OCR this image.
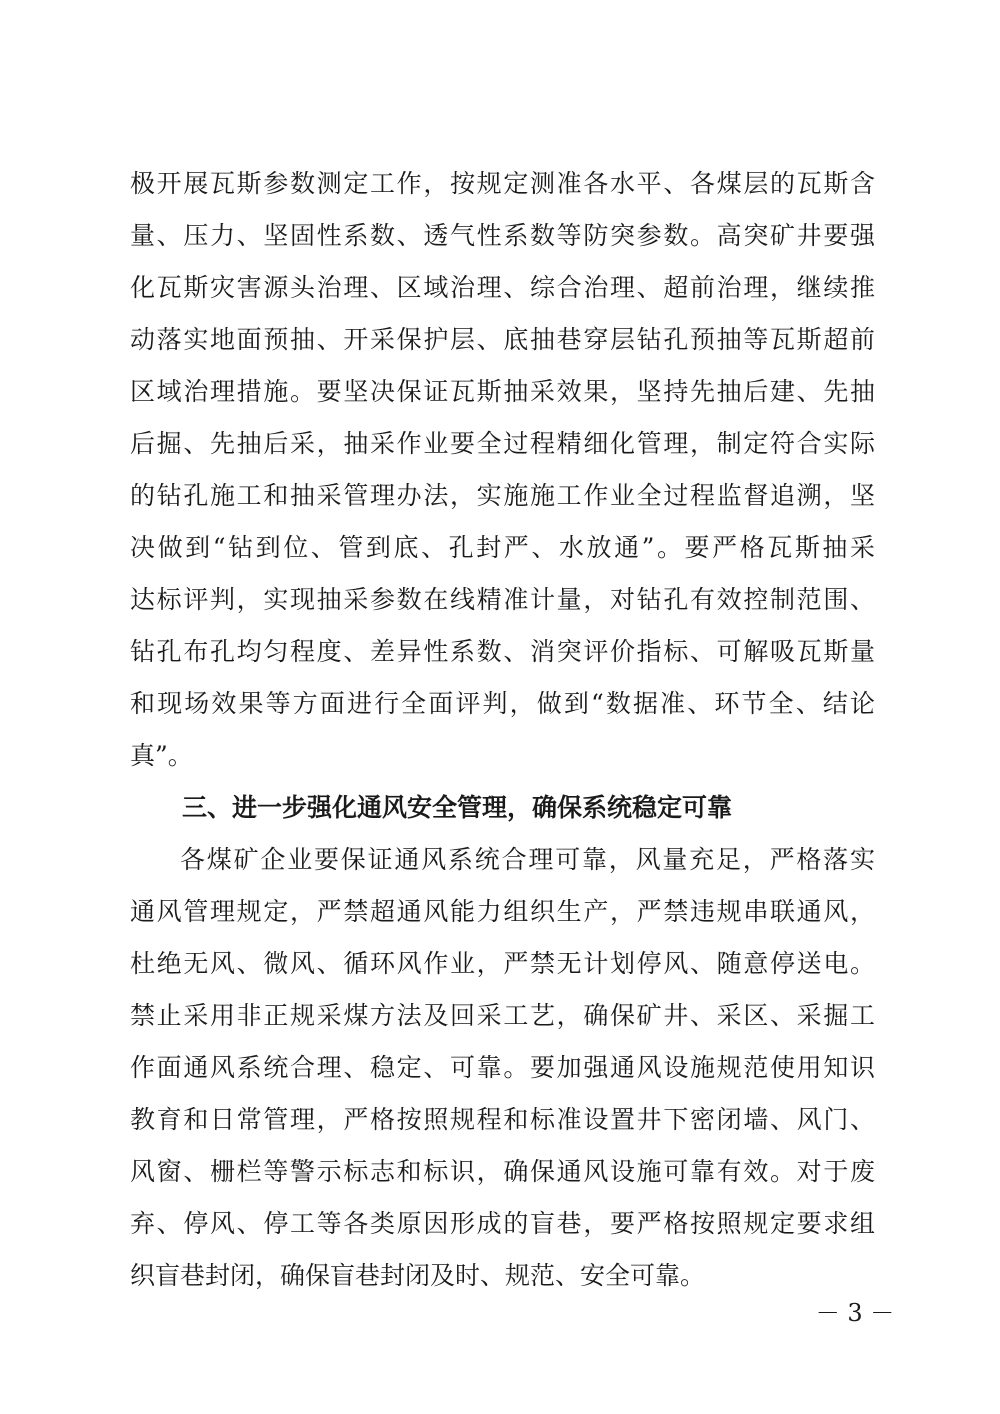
极开展瓦斯参数测定工作，按规定测准各水平、各煤层的瓦斯含
量、压力、坚固性系数、透气性系数等防突参数。高突矿井要强
化瓦斯灾害源头治理、区域治理、综合治理、超前治理，继续推
动落实地面预抽、开采保护层、底抽巷穿层钻孔预抽等瓦斯超前
区域治理措施。要坚决保证瓦斯抽采效果，坚持先抽后建、先抽
后掘、先抽后采，抽采作业要全过程精细化管理，制定符合实际
的钻孔施工和抽采管理办法，实施施工作业全过程监督追溯，坚
决做到“钻到位、管到底、孔封严、水放通”。要严格瓦斯抽采
达标评判，实现抽采参数在线精准计量，对钻孔有效控制范围、
钻孔布孔均匀程度、差异性系数、消突评价指标、可解吸瓦斯量
和现场效果等方面进行全面评判，做到“数据准、环节全、结论
真”。
三、进一步强化通风安全管理，确保系统稳定可靠
各煤矿企业要保证通风系统合理可靠，风量充足，严格落实
通风管理规定，严禁超通风能力组织生产，严禁违规串联通风，
杜绝无风、微风、循环风作业，严禁无计划停风、随意停送电。
禁止采用非正规采煤方法及回采工艺，确保矿井、采区、采掘工
作面通风系统合理、稳定、可靠。要加强通风设施规范使用知识
教育和日常管理，严格按照规程和标准设置井下密闭墙、风门、
风窗、栅栏等警示标志和标识，确保通风设施可靠有效。对于废
弃、停风、停工等各类原因形成的盲巷，要严格按照规定要求组
织盲巷封闭，确保盲巷封闭及时、规范、安全可靠。
－ 3 －
